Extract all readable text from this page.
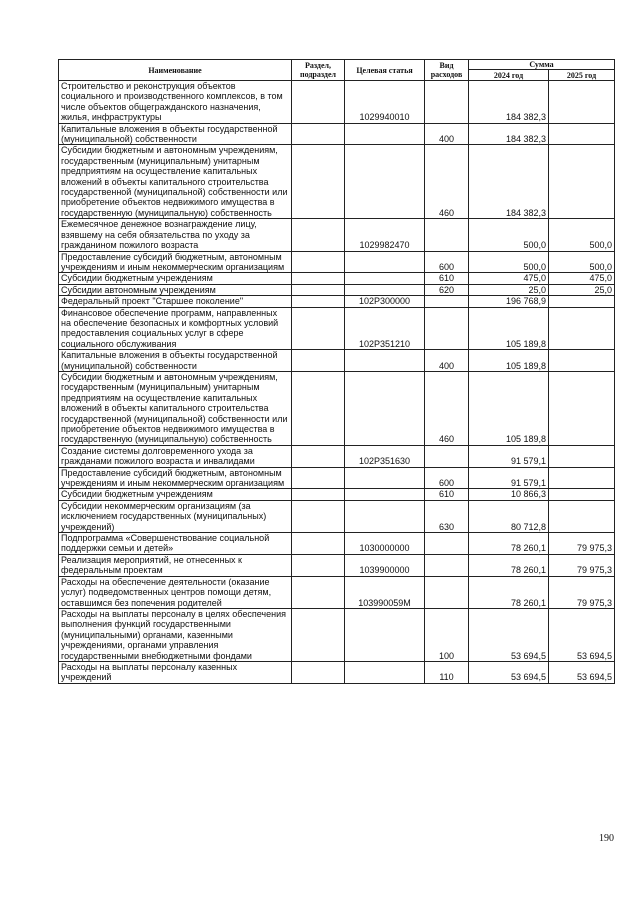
Наименование	Раздел, подраздел	Целевая статья	Вид расходов	Сумма	
				2024 год	2025 год
Строительство и реконструкция объектов социального и производственного комплексов, в том числе объектов общегражданского назначения, жилья, инфраструктуры		1029940010		184 382,3	
Капитальные вложения в объекты государственной (муниципальной) собственности			400	184 382,3	
Субсидии бюджетным и автономным учреждениям, государственным (муниципальным) унитарным предприятиям на осуществление капитальных вложений в объекты капитального строительства государственной (муниципальной) собственности или приобретение объектов недвижимого имущества в государственную (муниципальную) собственность			460	184 382,3	
Ежемесячное денежное вознаграждение лицу, взявшему на себя обязательства по уходу за гражданином пожилого возраста		1029982470		500,0	500,0
Предоставление субсидий бюджетным, автономным учреждениям и иным некоммерческим организациям			600	500,0	500,0
Субсидии бюджетным учреждениям			610	475,0	475,0
Субсидии автономным учреждениям			620	25,0	25,0
Федеральный проект "Старшее поколение"		102P300000		196 768,9	
Финансовое обеспечение программ, направленных на обеспечение безопасных и комфортных условий предоставления социальных услуг в сфере социального обслуживания		102P351210		105 189,8	
Капитальные вложения в объекты государственной (муниципальной) собственности			400	105 189,8	
Субсидии бюджетным и автономным учреждениям, государственным (муниципальным) унитарным предприятиям на осуществление капитальных вложений в объекты капитального строительства государственной (муниципальной) собственности или приобретение объектов недвижимого имущества в государственную (муниципальную) собственность			460	105 189,8	
Создание системы долговременного ухода за гражданами пожилого возраста и инвалидами		102P351630		91 579,1	
Предоставление субсидий бюджетным, автономным учреждениям и иным некоммерческим организациям			600	91 579,1	
Субсидии бюджетным учреждениям			610	10 866,3	
Субсидии некоммерческим организациям (за исключением государственных (муниципальных) учреждений)			630	80 712,8	
Подпрограмма «Совершенствование социальной поддержки семьи и детей»		1030000000		78 260,1	79 975,3
Реализация мероприятий, не отнесенных к федеральным проектам		1039900000		78 260,1	79 975,3
Расходы на обеспечение деятельности (оказание услуг) подведомственных центров помощи детям, оставшимся без попечения родителей		103990059М		78 260,1	79 975,3
Расходы на выплаты персоналу в целях обеспечения выполнения функций государственными (муниципальными) органами, казенными учреждениями, органами управления государственными внебюджетными фондами			100	53 694,5	53 694,5
Расходы на выплаты персоналу казенных учреждений			110	53 694,5	53 694,5
190
